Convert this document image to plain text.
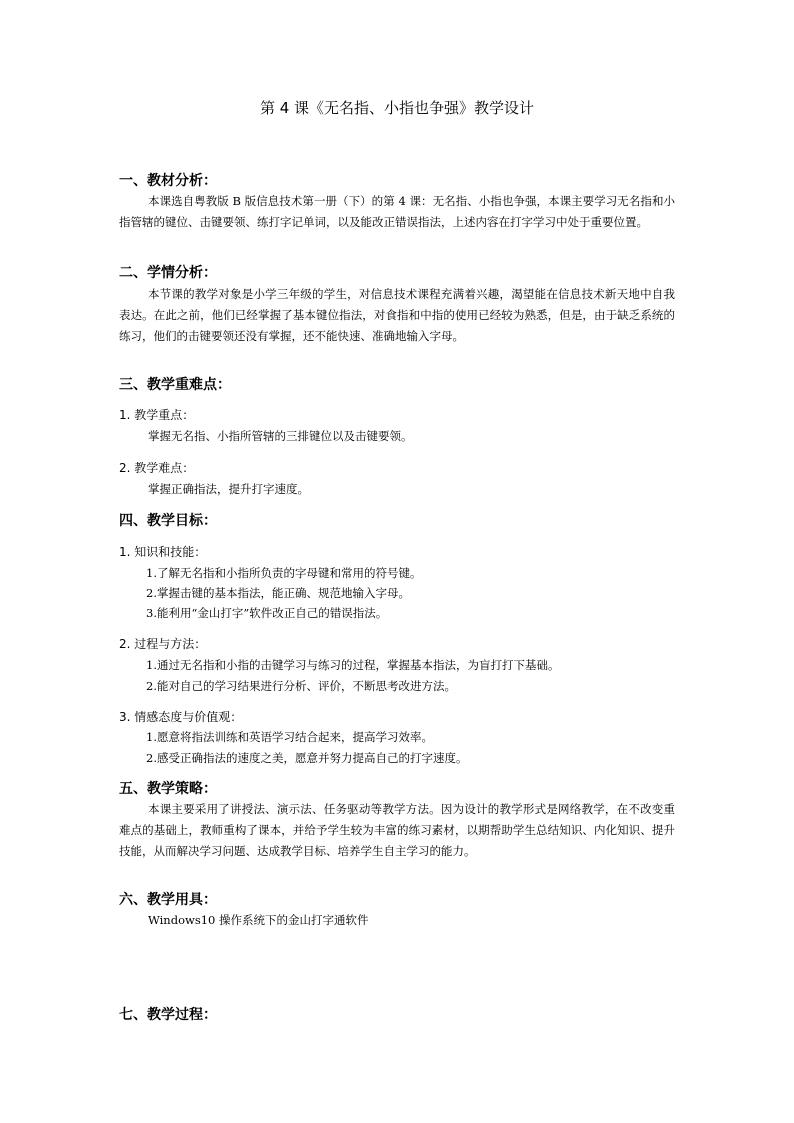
第 4 课《无名指、小指也争强》教学设计
一、教材分析：
本课选自粤教版 B 版信息技术第一册（下）的第 4 课：无名指、小指也争强，本课主要学习无名指和小指管辖的键位、击键要领、练打字记单词，以及能改正错误指法，上述内容在打字学习中处于重要位置。
二、学情分析：
本节课的教学对象是小学三年级的学生，对信息技术课程充满着兴趣，渴望能在信息技术新天地中自我表达。在此之前，他们已经掌握了基本键位指法，对食指和中指的使用已经较为熟悉，但是，由于缺乏系统的练习，他们的击键要领还没有掌握，还不能快速、准确地输入字母。
三、教学重难点：
1. 教学重点：
掌握无名指、小指所管辖的三排键位以及击键要领。
2. 教学难点：
掌握正确指法，提升打字速度。
四、教学目标：
1. 知识和技能：
1.了解无名指和小指所负责的字母键和常用的符号键。
2.掌握击键的基本指法，能正确、规范地输入字母。
3.能利用“金山打字”软件改正自己的错误指法。
2. 过程与方法：
1.通过无名指和小指的击键学习与练习的过程，掌握基本指法，为盲打打下基础。
2.能对自己的学习结果进行分析、评价，不断思考改进方法。
3. 情感态度与价值观：
1.愿意将指法训练和英语学习结合起来，提高学习效率。
2.感受正确指法的速度之美，愿意并努力提高自己的打字速度。
五、教学策略：
本课主要采用了讲授法、演示法、任务驱动等教学方法。因为设计的教学形式是网络教学，在不改变重难点的基础上，教师重构了课本，并给予学生较为丰富的练习素材，以期帮助学生总结知识、内化知识、提升技能，从而解决学习问题、达成教学目标、培养学生自主学习的能力。
六、教学用具：
Windows10 操作系统下的金山打字通软件
七、教学过程：
